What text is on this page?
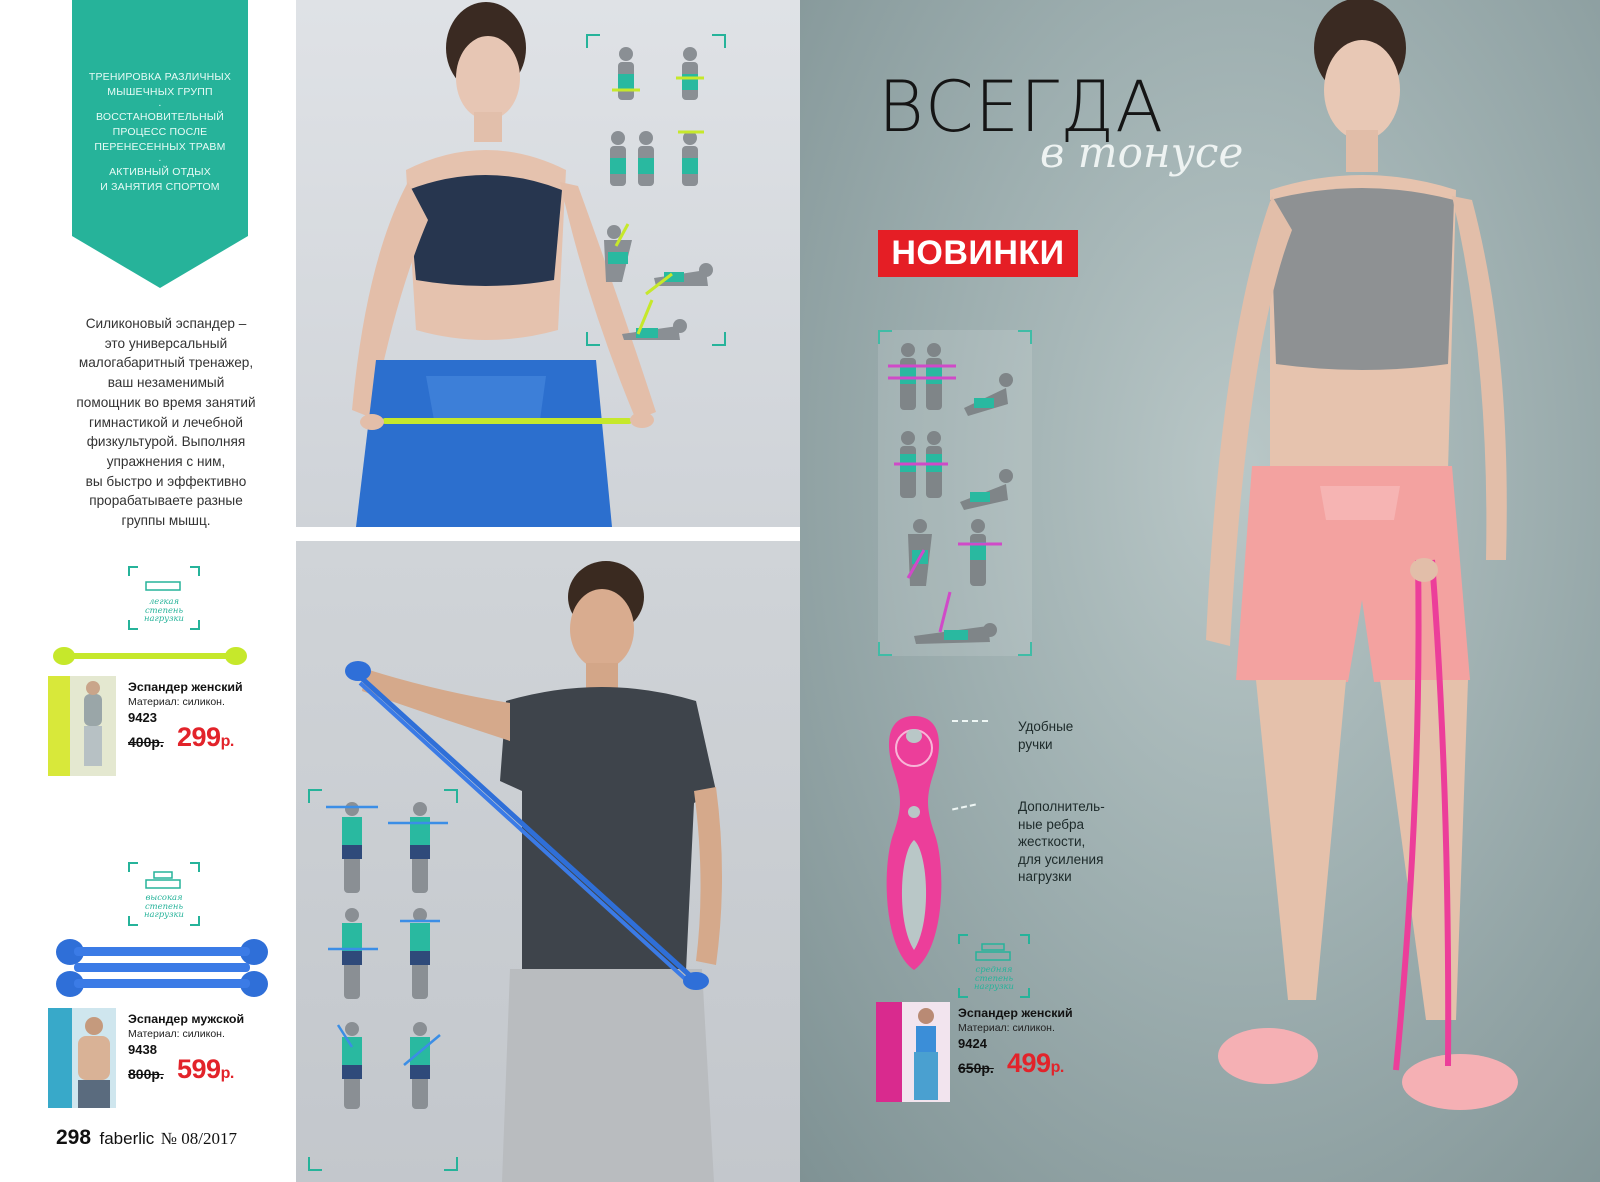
ТРЕНИРОВКА РАЗЛИЧНЫХ
МЫШЕЧНЫХ ГРУПП
·
ВОССТАНОВИТЕЛЬНЫЙ
ПРОЦЕСС ПОСЛЕ
ПЕРЕНЕСЕННЫХ ТРАВМ
·
АКТИВНЫЙ ОТДЫХ
И ЗАНЯТИЯ СПОРТОМ
Силиконовый эспандер –
это универсальный
малогабаритный тренажер,
ваш незаменимый
помощник во время занятий
гимнастикой и лечебной
физкультурой. Выполняя
упражнения с ним,
вы быстро и эффективно
прорабатываете разные
группы мышц.
легкая
степень
нагрузки
Эспандер женский
Материал: силикон.
9423
400р. 299р.
высокая
степень
нагрузки
Эспандер мужской
Материал: силикон.
9438
800р. 599р.
298 faberlic № 08/2017
ВСЕГДА
в тонусе
НОВИНКИ
Удобные
ручки
Дополнитель-
ные ребра
жесткости,
для усиления
нагрузки
средняя
степень
нагрузки
Эспандер женский
Материал: силикон.
9424
650р. 499р.
